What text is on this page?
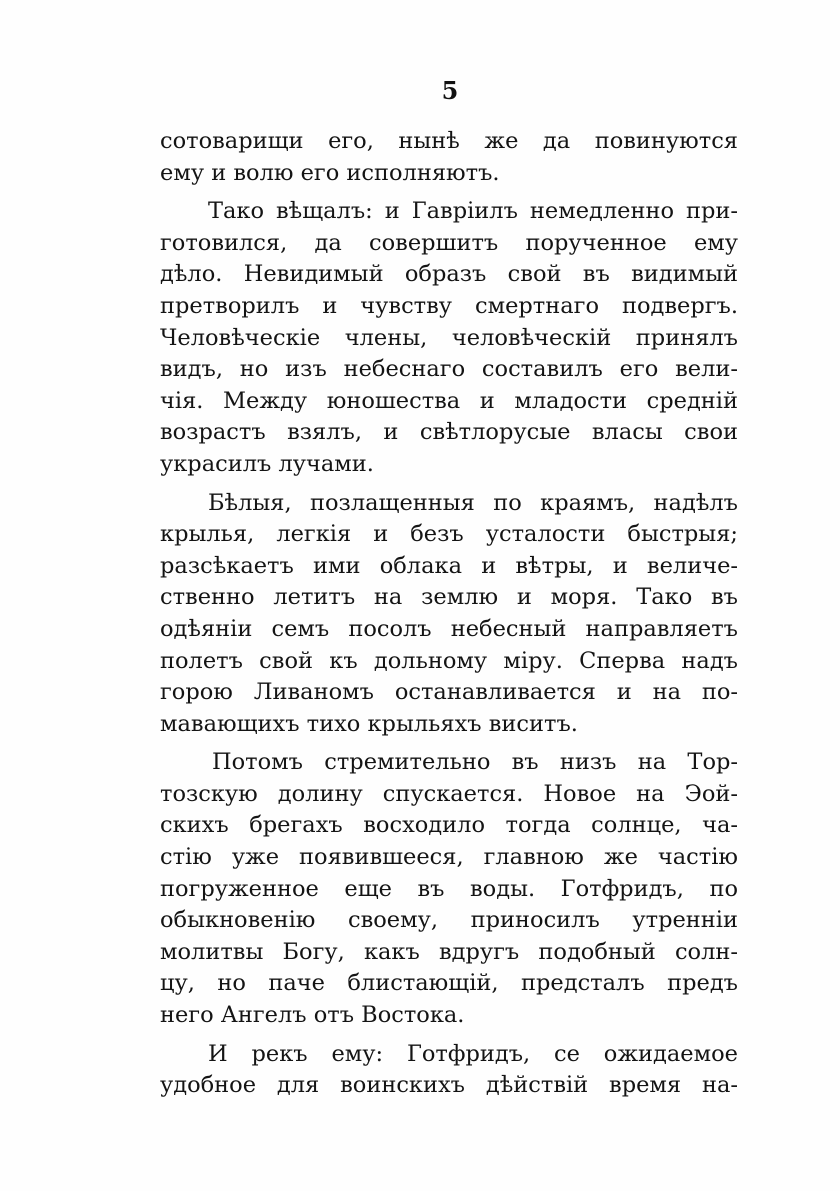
5
сотоварищи его, нынѣ же да повинуются
ему и волю его исполняютъ.
Тако вѣщалъ: и Гавріилъ немедленно при-
готовился, да совершитъ порученное ему
дѣло. Невидимый образъ свой въ видимый
претворилъ и чувству смертнаго подвергъ.
Человѣческіе члены, человѣческій принялъ
видъ, но изъ небеснаго составилъ его вели-
чія. Между юношества и младости средній
возрастъ взялъ, и свѣтлорусые власы свои
украсилъ лучами.
Бѣлыя, позлащенныя по краямъ, надѣлъ
крылья, легкія и безъ усталости быстрыя;
разсѣкаетъ ими облака и вѣтры, и величе-
ственно летитъ на землю и моря. Тако въ
одѣяніи семъ посолъ небесный направляетъ
полетъ свой къ дольному міру. Сперва надъ
горою Ливаномъ останавливается и на по-
мавающихъ тихо крыльяхъ виситъ.
Потомъ стремительно въ низъ на Тор-
тозскую долину спускается. Новое на Эой-
скихъ брегахъ восходило тогда солнце, ча-
стію уже появившееся, главною же частію
погруженное еще въ воды. Готфридъ, по
обыкновенію своему, приносилъ утренніи
молитвы Богу, какъ вдругъ подобный солн-
цу, но паче блистающій, предсталъ предъ
него Ангелъ отъ Востока.
И рекъ ему: Готфридъ, се ожидаемое
удобное для воинскихъ дѣйствій время на-
